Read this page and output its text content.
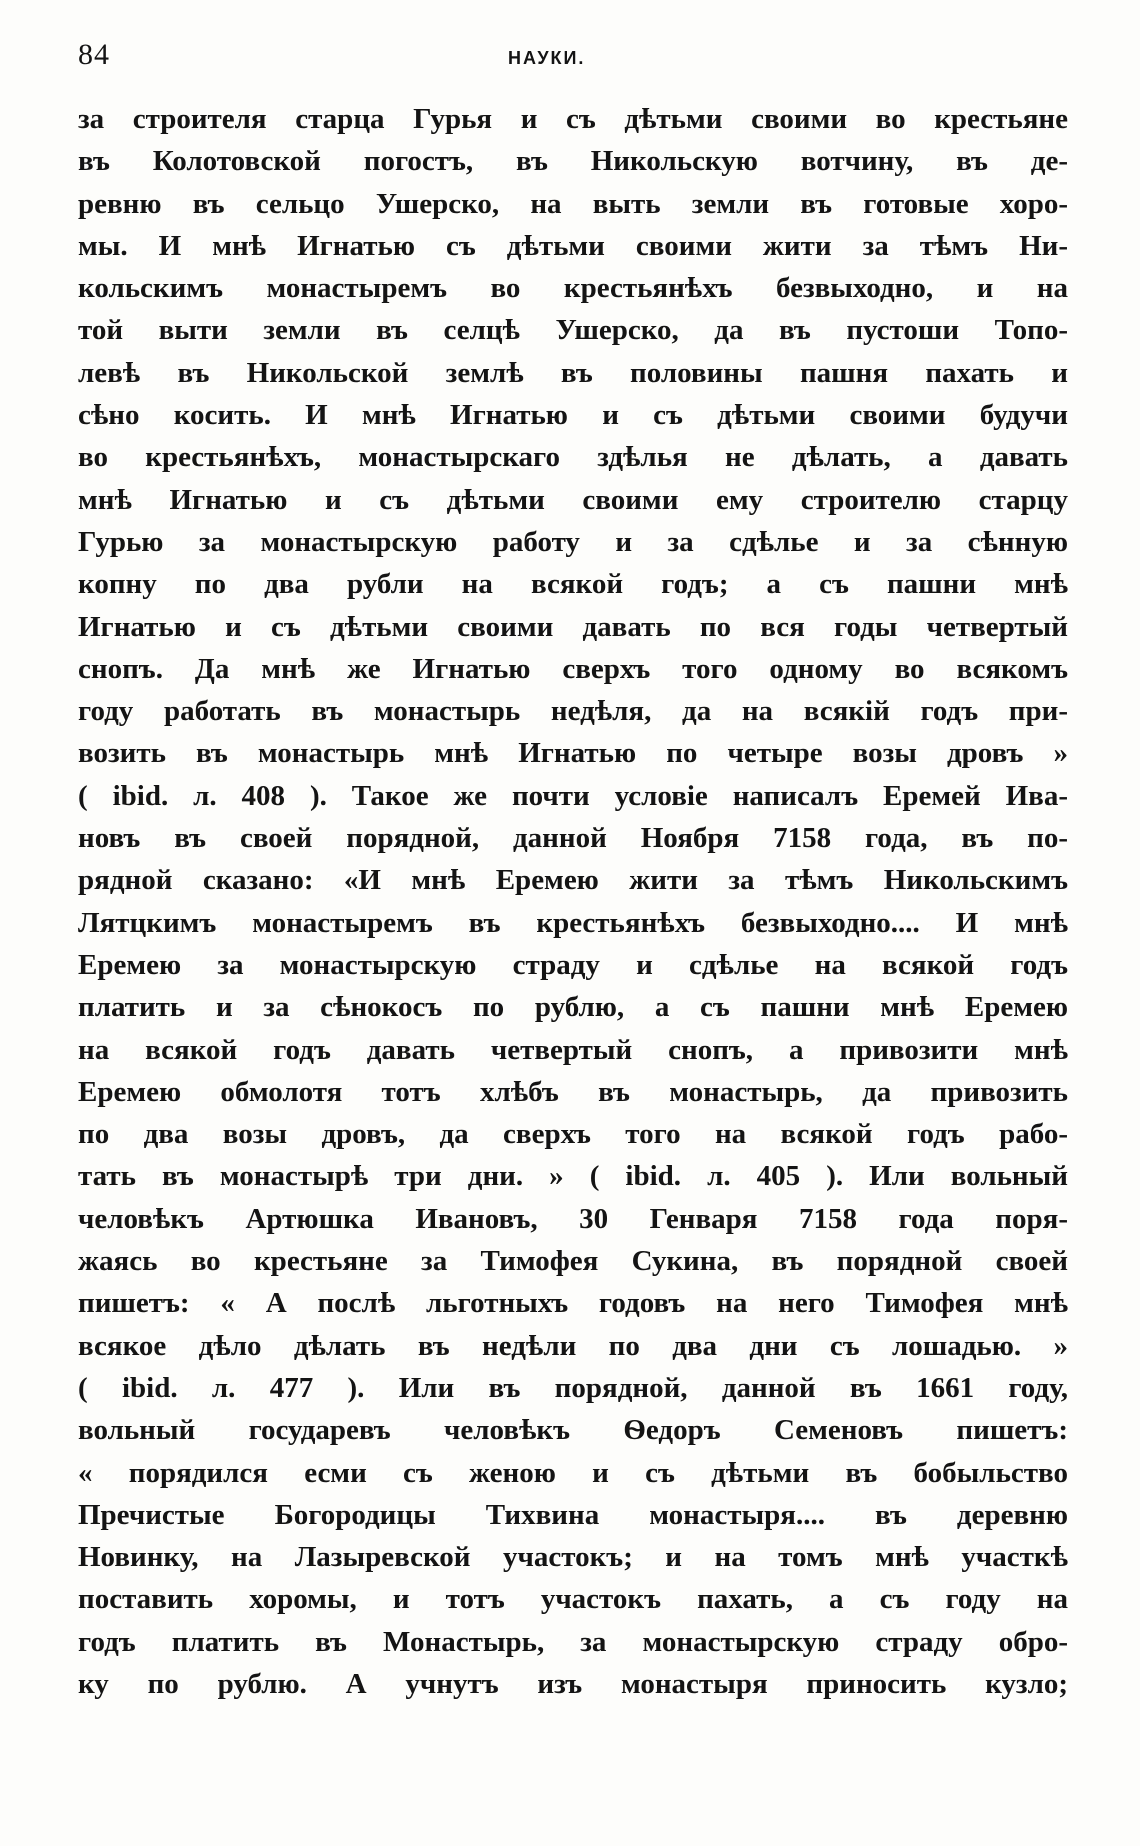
84	НАУКИ.
за строителя старца Гурья и съ дѣтьми своими во крестьяне
въ Колотовской погостъ, въ Никольскую вотчину, въ де-
ревню въ сельцо Ушерско, на выть земли въ готовые хоро-
мы. И мнѣ Игнатью съ дѣтьми своими жити за тѣмъ Ни-
кольскимъ монастыремъ во крестьянѣхъ безвыходно, и на
той выти земли въ селцѣ Ушерско, да въ пустоши Топо-
левѣ въ Никольской землѣ въ половины пашня пахать и
сѣно косить. И мнѣ Игнатью и съ дѣтьми своими будучи
во крестьянѣхъ, монастырскаго здѣлья не дѣлать, а давать
мнѣ Игнатью и съ дѣтьми своими ему строителю старцу
Гурью за монастырскую работу и за сдѣлье и за сѣнную
копну по два рубли на всякой годъ; а съ пашни мнѣ
Игнатью и съ дѣтьми своими давать по вся годы четвертый
снопъ. Да мнѣ же Игнатью сверхъ того одному во всякомъ
году работать въ монастырь недѣля, да на всякій годъ при-
возить въ монастырь мнѣ Игнатью по четыре возы дровъ »
( ibid. л. 408 ). Такое же почти условіе написалъ Еремей Ива-
новъ въ своей порядной, данной Ноября 7158 года, въ по-
рядной сказано: «И мнѣ Еремею жити за тѣмъ Никольскимъ
Лятцкимъ монастыремъ въ крестьянѣхъ безвыходно.... И мнѣ
Еремею за монастырскую страду и сдѣлье на всякой годъ
платить и за сѣнокосъ по рублю, а съ пашни мнѣ Еремею
на всякой годъ давать четвертый снопъ, а привозити мнѣ
Еремею обмолотя тотъ хлѣбъ въ монастырь, да привозить
по два возы дровъ, да сверхъ того на всякой годъ рабо-
тать въ монастырѣ три дни. » ( ibid. л. 405 ). Или вольный
человѣкъ Артюшка Ивановъ, 30 Генваря 7158 года поря-
жаясь во крестьяне за Тимофея Сукина, въ порядной своей
пишетъ: « А послѣ льготныхъ годовъ на него Тимофея мнѣ
всякое дѣло дѣлать въ недѣли по два дни съ лошадью. »
( ibid. л. 477 ). Или въ порядной, данной въ 1661 году,
вольный государевъ человѣкъ Ѳедоръ Семеновъ пишетъ:
« порядился есми съ женою и съ дѣтьми въ бобыльство
Пречистые Богородицы Тихвина монастыря.... въ деревню
Новинку, на Лазыревской участокъ; и на томъ мнѣ участкѣ
поставить хоромы, и тотъ участокъ пахать, а съ году на
годъ платить въ Монастырь, за монастырскую страду обро-
ку по рублю. А учнутъ изъ монастыря приносить кузло;
